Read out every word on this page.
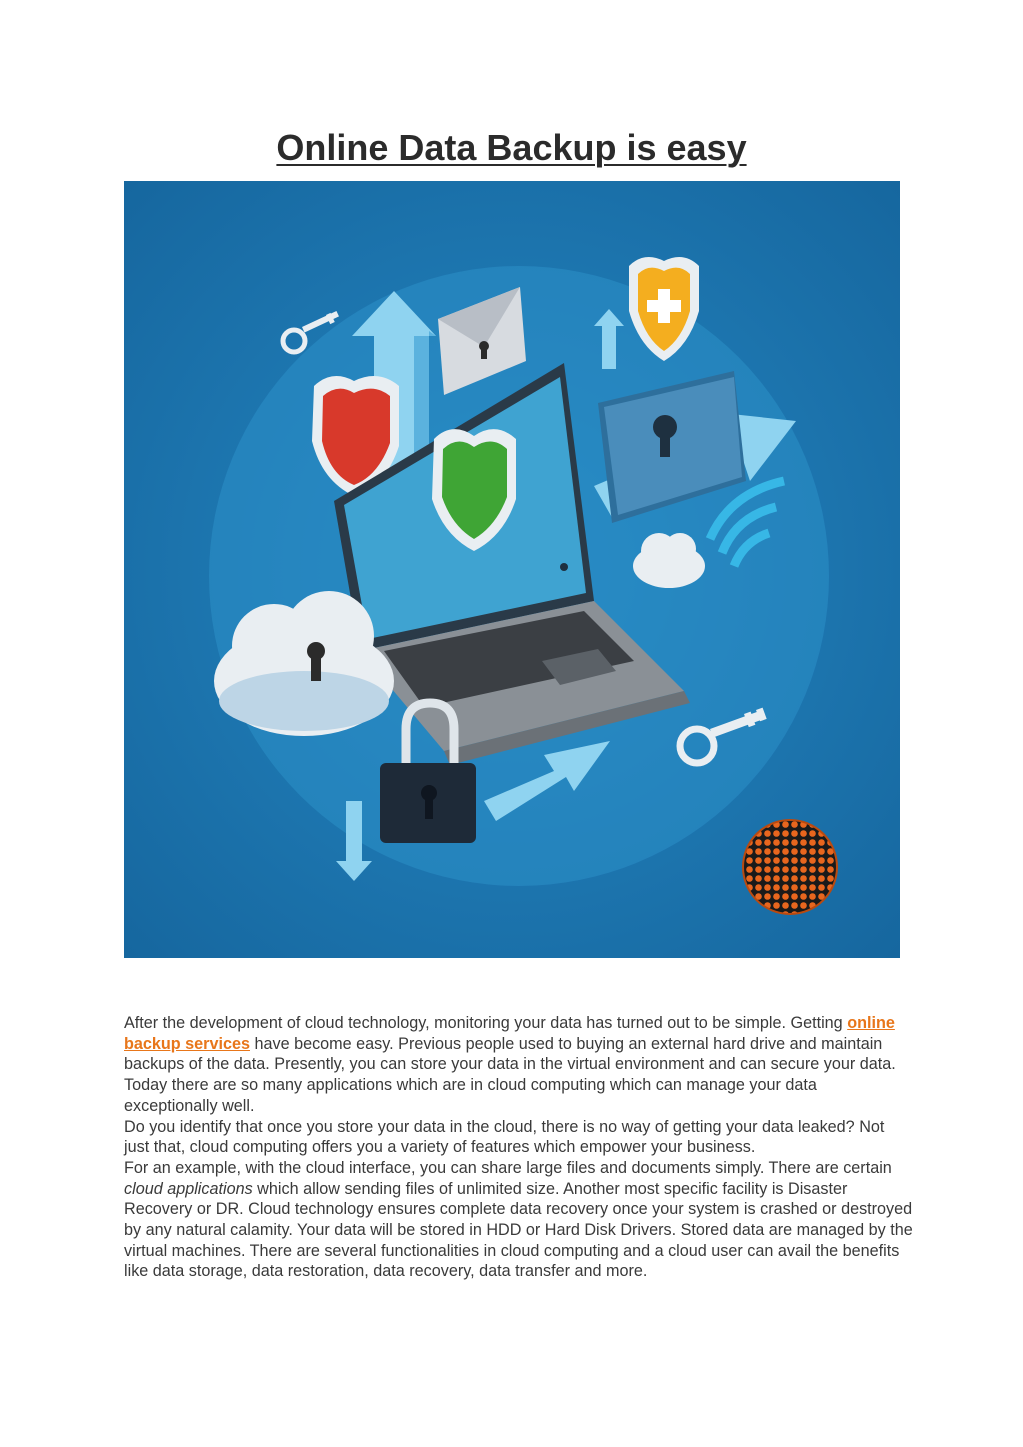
Online Data Backup is easy

After the development of cloud technology, monitoring your data has turned out to be simple. Getting online backup services have become easy. Previous people used to buying an external hard drive and maintain backups of the data. Presently, you can store your data in the virtual environment and can secure your data. Today there are so many applications which are in cloud computing which can manage your data exceptionally well.

Do you identify that once you store your data in the cloud, there is no way of getting your data leaked? Not just that, cloud computing offers you a variety of features which empower your business.

For an example, with the cloud interface, you can share large files and documents simply. There are certain cloud applications which allow sending files of unlimited size. Another most specific facility is Disaster Recovery or DR. Cloud technology ensures complete data recovery once your system is crashed or destroyed by any natural calamity. Your data will be stored in HDD or Hard Disk Drivers. Stored data are managed by the virtual machines. There are several functionalities in cloud computing and a cloud user can avail the benefits like data storage, data restoration, data recovery, data transfer and more.
